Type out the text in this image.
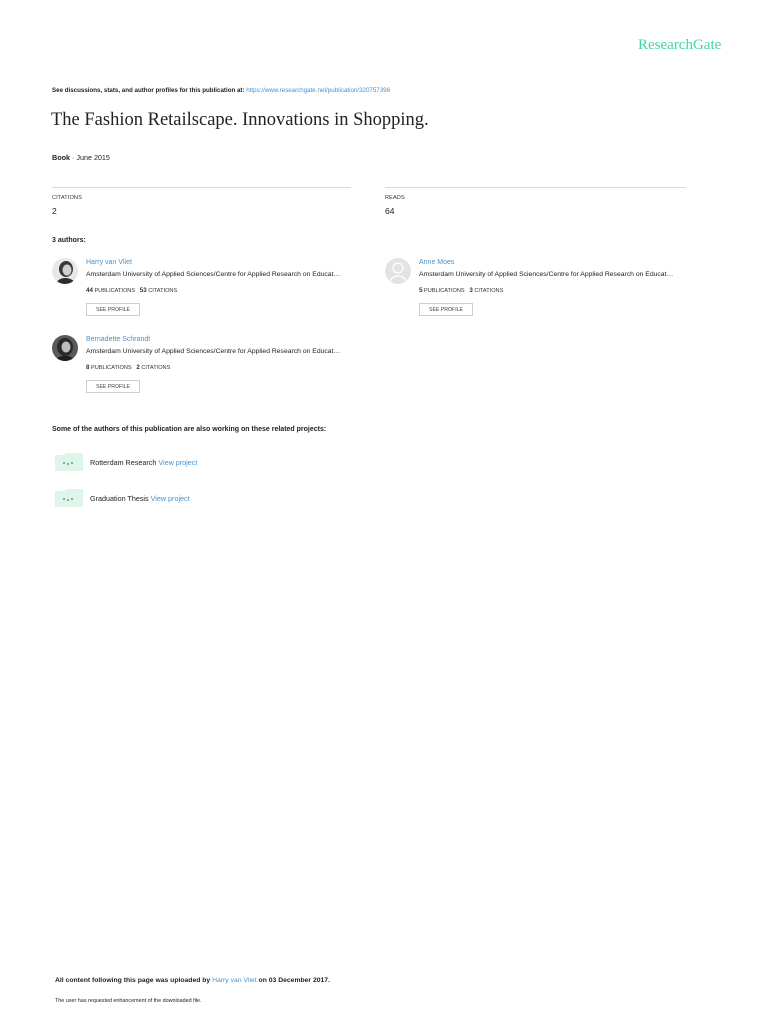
ResearchGate
See discussions, stats, and author profiles for this publication at: https://www.researchgate.net/publication/320757396
The Fashion Retailscape. Innovations in Shopping.
Book · June 2015
CITATIONS
2
READS
64
3 authors:
Harry van Vliet
Amsterdam University of Applied Sciences/Centre for Applied Research on Educat…
44 PUBLICATIONS 53 CITATIONS
SEE PROFILE
Anne Moes
Amsterdam University of Applied Sciences/Centre for Applied Research on Educat…
5 PUBLICATIONS 3 CITATIONS
SEE PROFILE
Bernadette Schrandt
Amsterdam University of Applied Sciences/Centre for Applied Research on Educat…
8 PUBLICATIONS 2 CITATIONS
SEE PROFILE
Some of the authors of this publication are also working on these related projects:
Rotterdam Research View project
Graduation Thesis View project
All content following this page was uploaded by Harry van Vliet on 03 December 2017.
The user has requested enhancement of the downloaded file.
